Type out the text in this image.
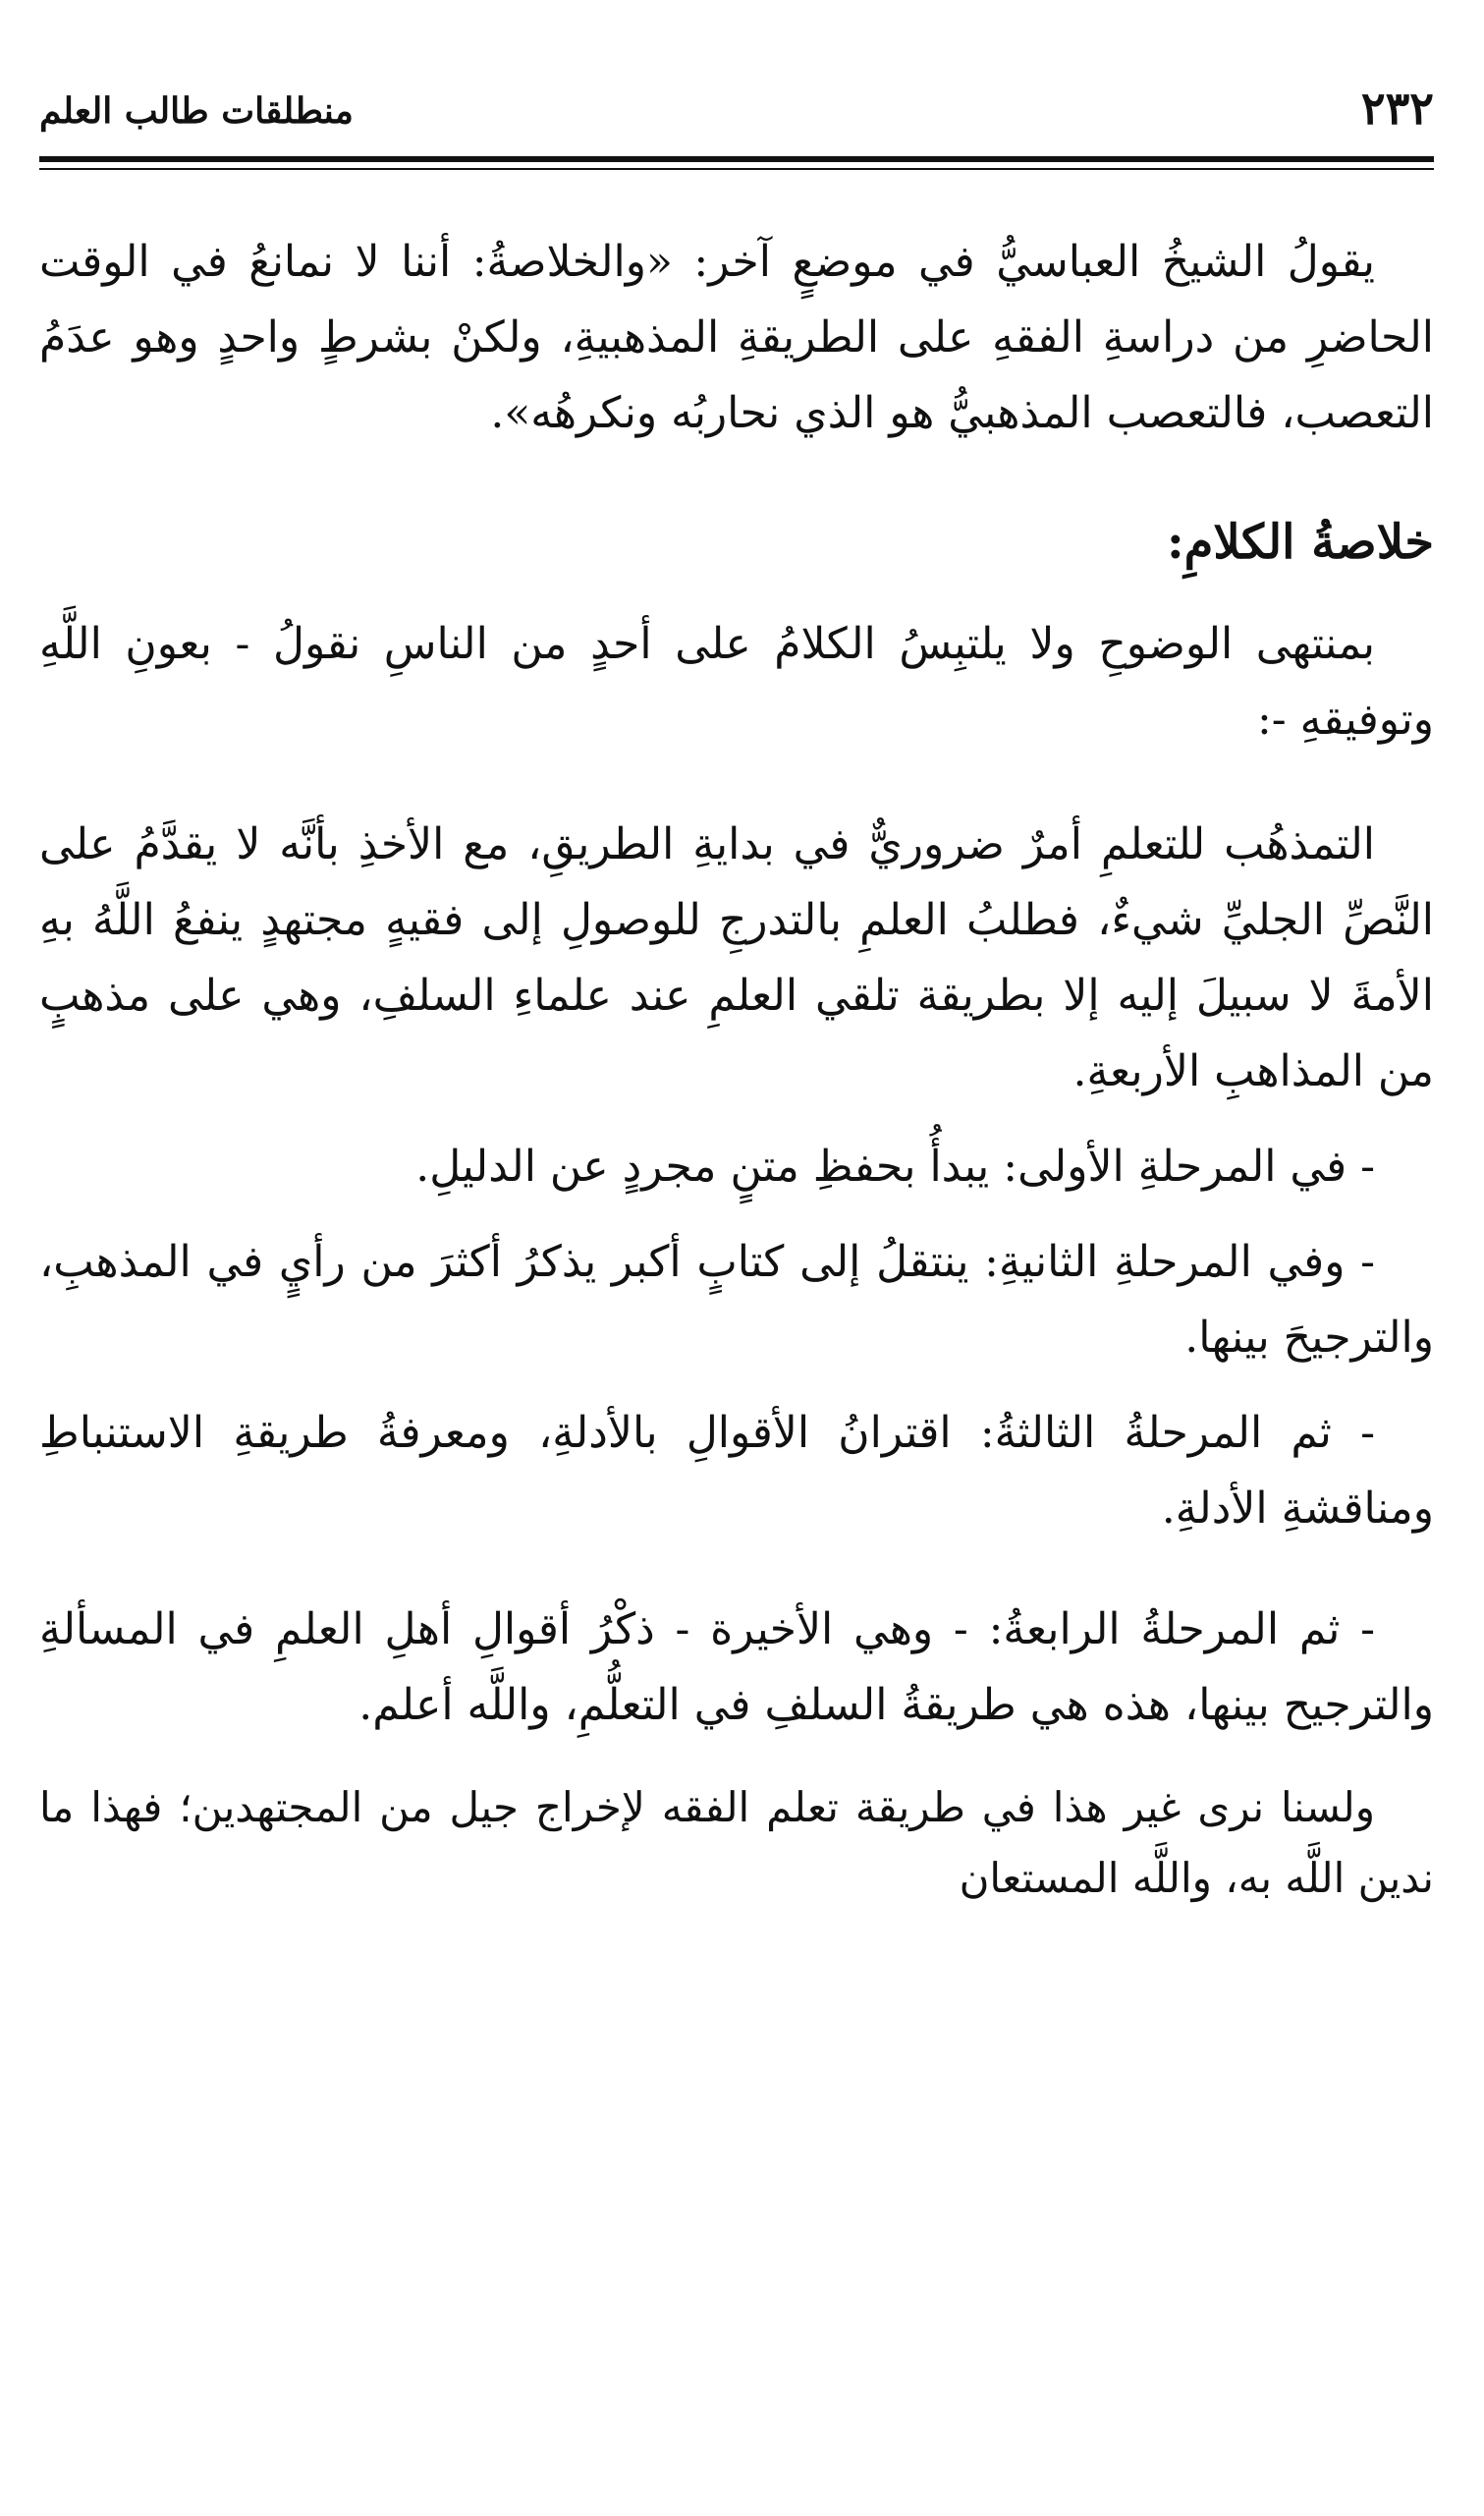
٢٣٢
منطلقات طالب العلم

يقولُ الشيخُ العباسيُّ في موضعٍ آخر: «والخلاصةُ: أننا لا نمانعُ في الوقت الحاضرِ من دراسةِ الفقهِ على الطريقةِ المذهبيةِ، ولكنْ بشرطٍ واحدٍ وهو عدَمُ التعصب، فالتعصب المذهبيُّ هو الذي نحاربُه ونكرهُه».

خلاصةُ الكلامِ:

بمنتهى الوضوحِ ولا يلتبِسُ الكلامُ على أحدٍ من الناسِ نقولُ - بعونِ اللَّهِ وتوفيقهِ -:

التمذهُب للتعلمِ أمرٌ ضروريٌّ في بدايةِ الطريقِ، مع الأخذِ بأنَّه لا يقدَّمُ على النَّصِّ الجليِّ شيءٌ، فطلبُ العلمِ بالتدرجِ للوصولِ إلى فقيهٍ مجتهدٍ ينفعُ اللَّهُ بهِ الأمةَ لا سبيلَ إليه إلا بطريقة تلقي العلمِ عند علماءِ السلفِ، وهي على مذهبٍ من المذاهبِ الأربعةِ.

- في المرحلةِ الأولى: يبدأُ بحفظِ متنٍ مجردٍ عن الدليلِ.

- وفي المرحلةِ الثانيةِ: ينتقلُ إلى كتابٍ أكبر يذكرُ أكثرَ من رأيٍ في المذهبِ، والترجيحَ بينها.

- ثم المرحلةُ الثالثةُ: اقترانُ الأقوالِ بالأدلةِ، ومعرفةُ طريقةِ الاستنباطِ ومناقشةِ الأدلةِ.

- ثم المرحلةُ الرابعةُ: - وهي الأخيرة - ذكْرُ أقوالِ أهلِ العلمِ في المسألةِ والترجيح بينها، هذه هي طريقةُ السلفِ في التعلُّمِ، واللَّه أعلم.

ولسنا نرى غير هذا في طريقة تعلم الفقه لإخراج جيل من المجتهدين؛ فهذا ما ندين اللَّه به، واللَّه المستعان
